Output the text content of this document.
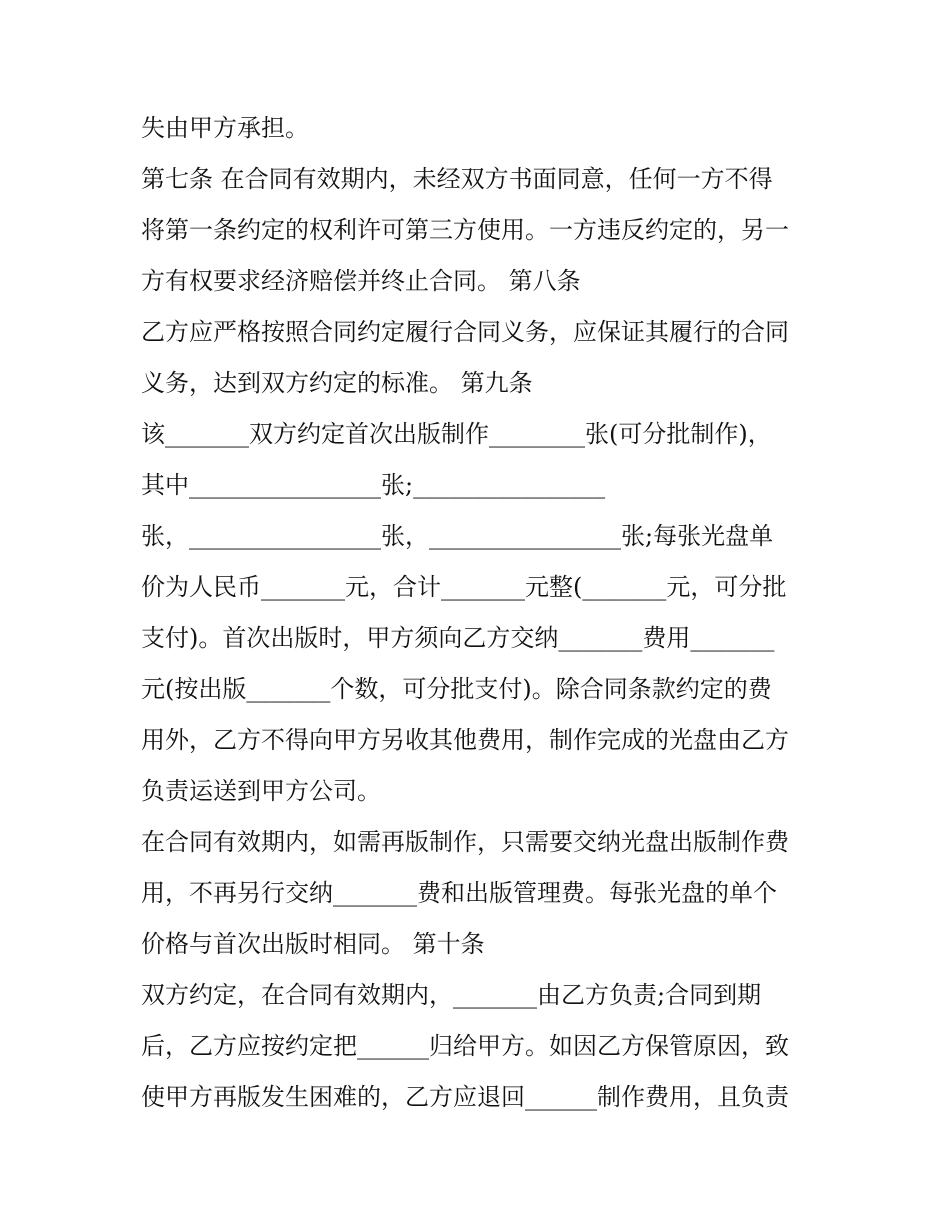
失由甲方承担。
第七条 在合同有效期内，未经双方书面同意，任何一方不得
将第一条约定的权利许可第三方使用。一方违反约定的，另一
方有权要求经济赔偿并终止合同。 第八条
乙方应严格按照合同约定履行合同义务，应保证其履行的合同
义务，达到双方约定的标准。 第九条
该_______双方约定首次出版制作________张(可分批制作)，
其中________________张;________________
张，________________张，________________张;每张光盘单
价为人民币_______元，合计_______元整(_______元，可分批
支付)。首次出版时，甲方须向乙方交纳_______费用_______
元(按出版_______个数，可分批支付)。除合同条款约定的费
用外，乙方不得向甲方另收其他费用，制作完成的光盘由乙方
负责运送到甲方公司。
在合同有效期内，如需再版制作，只需要交纳光盘出版制作费
用，不再另行交纳_______费和出版管理费。每张光盘的单个
价格与首次出版时相同。 第十条
双方约定，在合同有效期内，_______由乙方负责;合同到期
后，乙方应按约定把______归给甲方。如因乙方保管原因，致
使甲方再版发生困难的，乙方应退回______制作费用，且负责
